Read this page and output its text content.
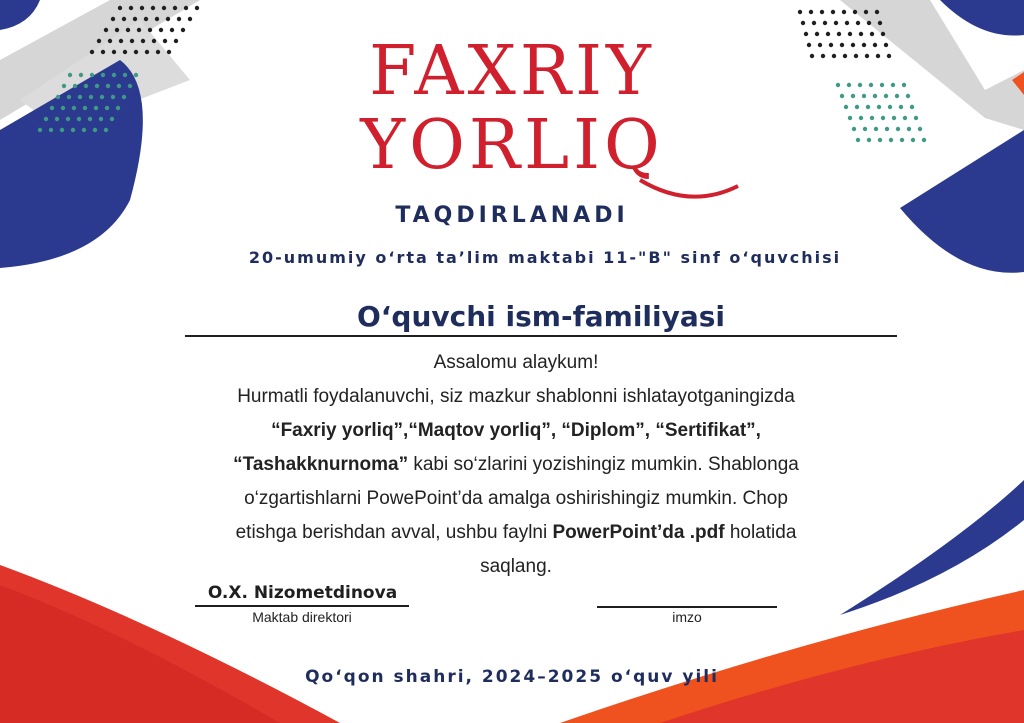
FAXRIY
YORLIQ
TAQDIRLANADI
20-umumiy o‘rta ta’lim maktabi 11-"B" sinf o‘quvchisi
O‘quvchi ism-familiyasi
Assalomu alaykum!
Hurmatli foydalanuvchi, siz mazkur shablonni ishlatayotganingizda
“Faxriy yorliq”,“Maqtov yorliq”, “Diplom”, “Sertifikat”,
“Tashakknurnoma” kabi so‘zlarini yozishingiz mumkin. Shablonga
o‘zgartishlarni PowePoint’da amalga oshirishingiz mumkin. Chop
etishga berishdan avval, ushbu faylni PowerPoint’da .pdf holatida
saqlang.
O.X. Nizometdinova
Maktab direktori	imzo
Qo‘qon shahri, 2024–2025 o‘quv yili
